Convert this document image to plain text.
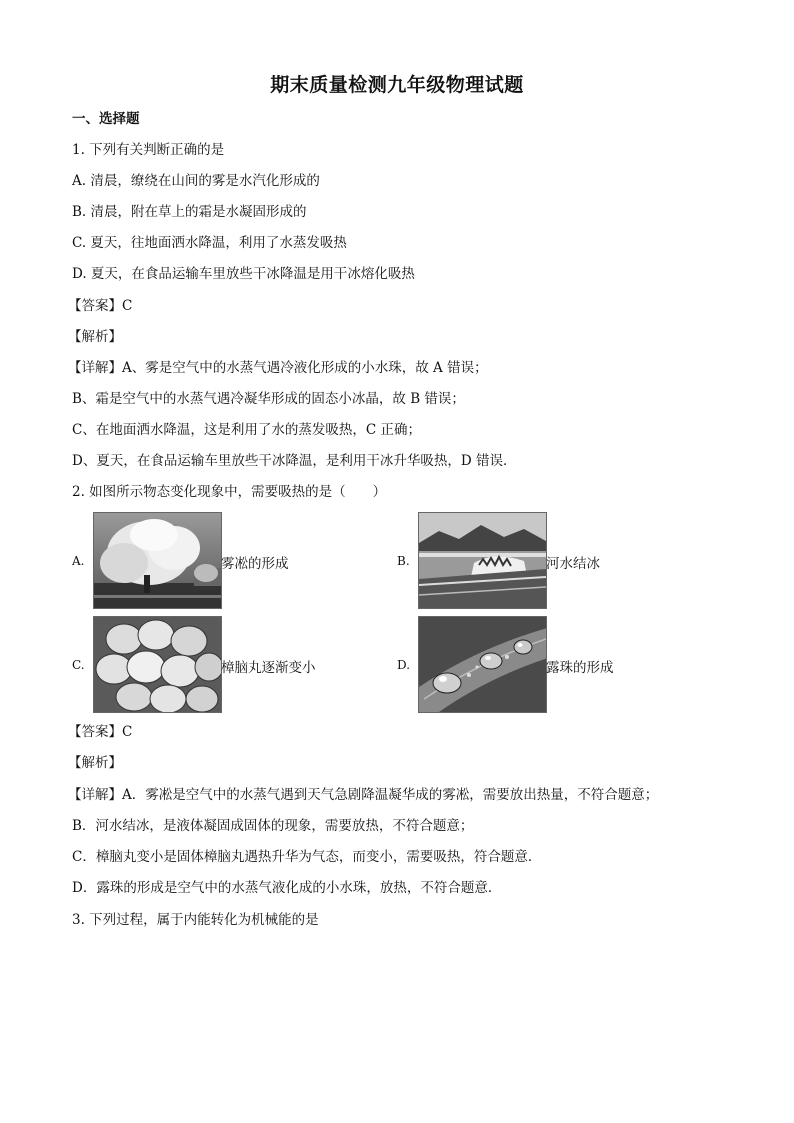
期末质量检测九年级物理试题
一、选择题
1. 下列有关判断正确的是
A. 清晨，缭绕在山间的雾是水汽化形成的
B. 清晨，附在草上的霜是水凝固形成的
C. 夏天，往地面洒水降温，利用了水蒸发吸热
D. 夏天，在食品运输车里放些干冰降温是用干冰熔化吸热
【答案】C
【解析】
【详解】A、雾是空气中的水蒸气遇冷液化形成的小水珠，故 A 错误；
B、霜是空气中的水蒸气遇冷凝华形成的固态小冰晶，故 B 错误；
C、在地面洒水降温，这是利用了水的蒸发吸热，C 正确；
D、夏天，在食品运输车里放些干冰降温，是利用干冰升华吸热，D 错误．
2. 如图所示物态变化现象中，需要吸热的是（　　）
A.	雾凇的形成	B.	河水结冰
C.	樟脑丸逐渐变小	D.	露珠的形成
【答案】C
【解析】
【详解】A．雾凇是空气中的水蒸气遇到天气急剧降温凝华成的雾凇，需要放出热量，不符合题意；
B．河水结冰，是液体凝固成固体的现象，需要放热，不符合题意；
C．樟脑丸变小是固体樟脑丸遇热升华为气态，而变小，需要吸热，符合题意．
D．露珠的形成是空气中的水蒸气液化成的小水珠，放热，不符合题意．
3. 下列过程，属于内能转化为机械能的是
